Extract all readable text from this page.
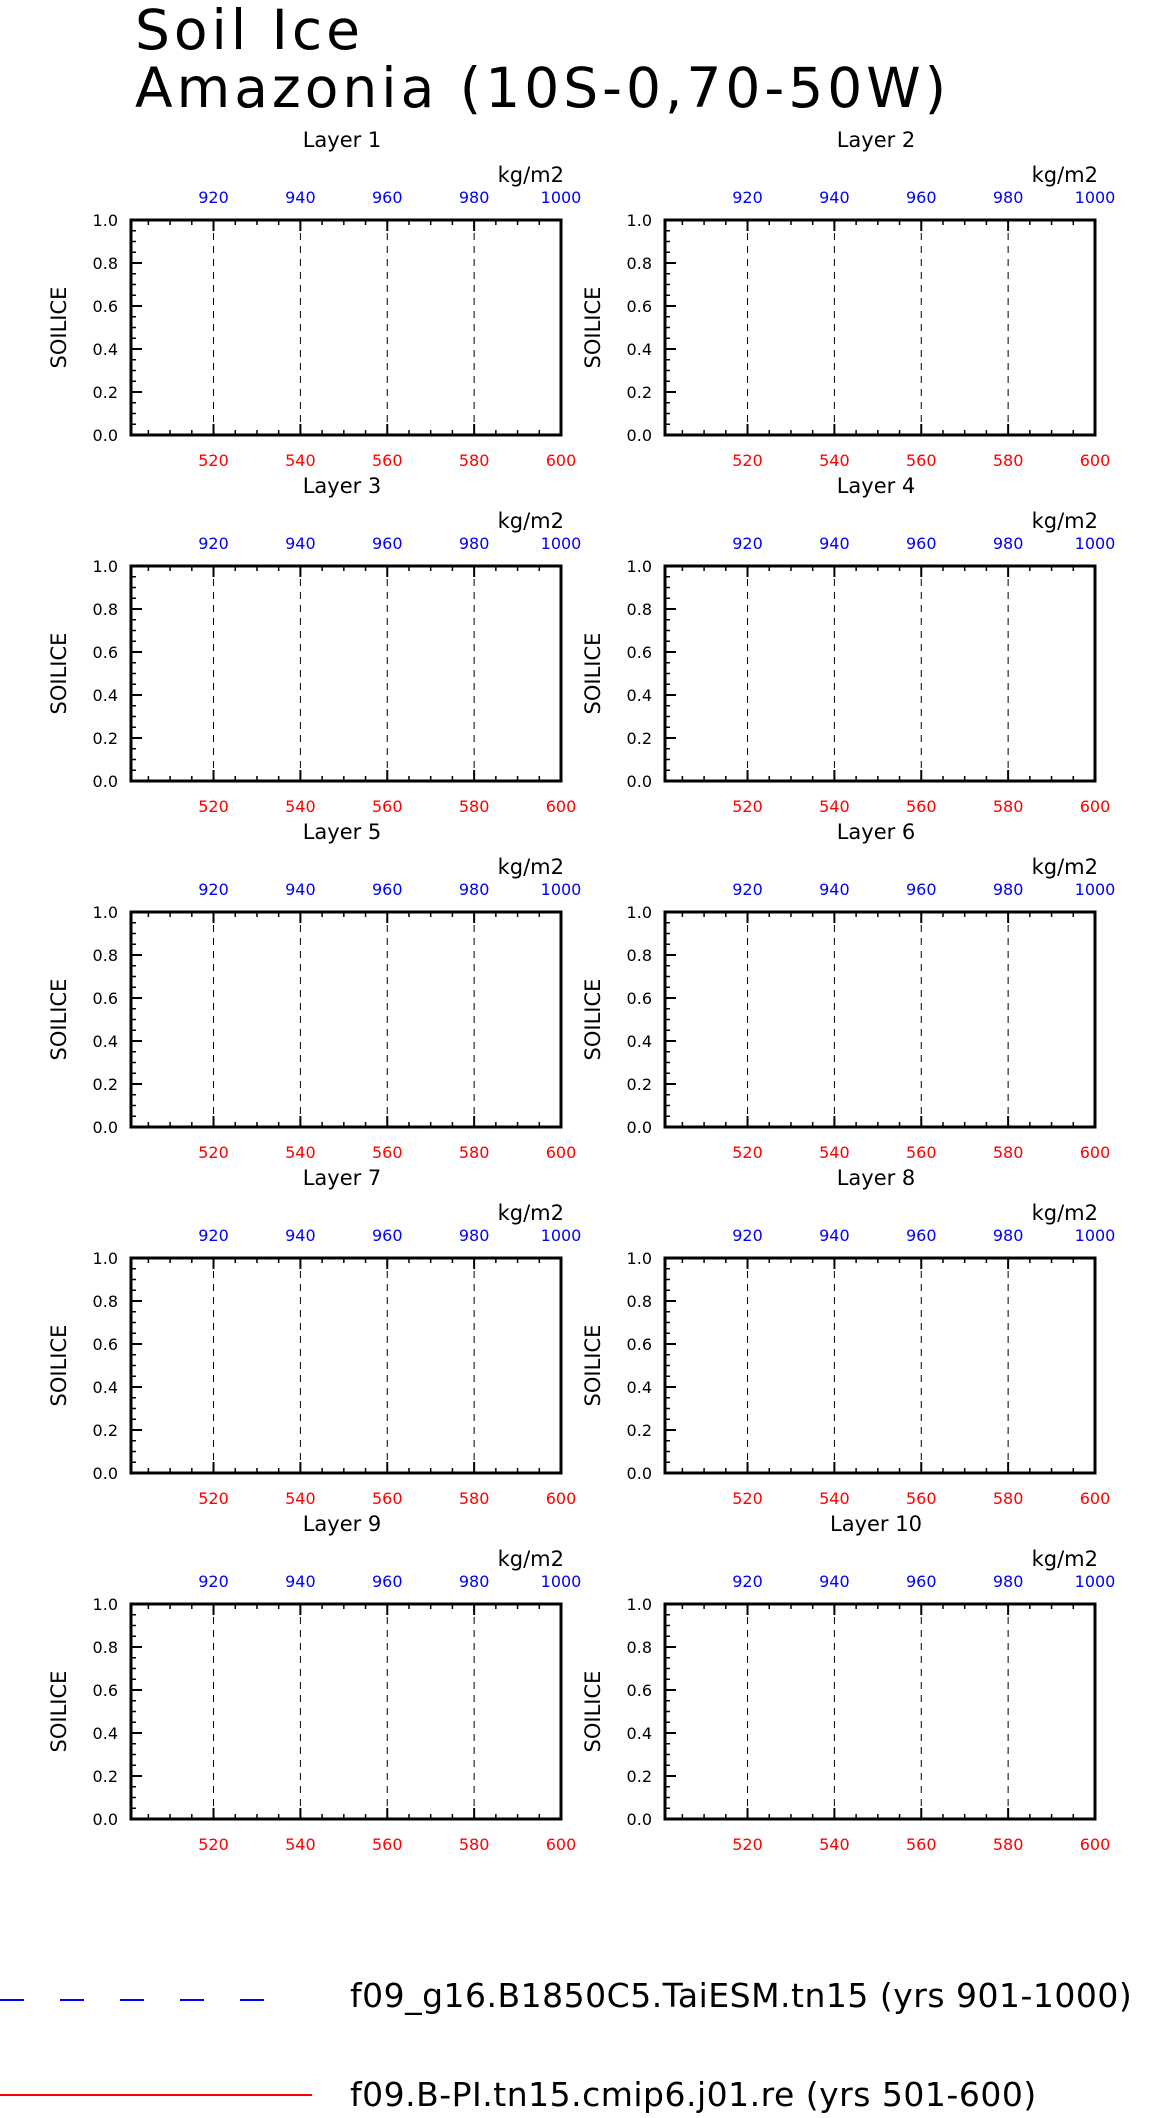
Soil Ice
Amazonia (10S-0,70-50W)
Layer 1
kg/m2
520	540	560	580	600
920	940	960	980	1000
0.0
0.2
0.4
0.6
0.8
1.0
SOILICE
Layer 2
kg/m2
520	540	560	580	600
920	940	960	980	1000
0.0
0.2
0.4
0.6
0.8
1.0
SOILICE
Layer 3
kg/m2
520	540	560	580	600
920	940	960	980	1000
0.0
0.2
0.4
0.6
0.8
1.0
SOILICE
Layer 4
kg/m2
520	540	560	580	600
920	940	960	980	1000
0.0
0.2
0.4
0.6
0.8
1.0
SOILICE
Layer 5
kg/m2
520	540	560	580	600
920	940	960	980	1000
0.0
0.2
0.4
0.6
0.8
1.0
SOILICE
Layer 6
kg/m2
520	540	560	580	600
920	940	960	980	1000
0.0
0.2
0.4
0.6
0.8
1.0
SOILICE
Layer 7
kg/m2
520	540	560	580	600
920	940	960	980	1000
0.0
0.2
0.4
0.6
0.8
1.0
SOILICE
Layer 8
kg/m2
520	540	560	580	600
920	940	960	980	1000
0.0
0.2
0.4
0.6
0.8
1.0
SOILICE
Layer 9
kg/m2
520	540	560	580	600
920	940	960	980	1000
0.0
0.2
0.4
0.6
0.8
1.0
SOILICE
Layer 10
kg/m2
520	540	560	580	600
920	940	960	980	1000
0.0
0.2
0.4
0.6
0.8
1.0
SOILICE
f09_g16.B1850C5.TaiESM.tn15 (yrs 901-1000)
f09.B-PI.tn15.cmip6.j01.re (yrs 501-600)
